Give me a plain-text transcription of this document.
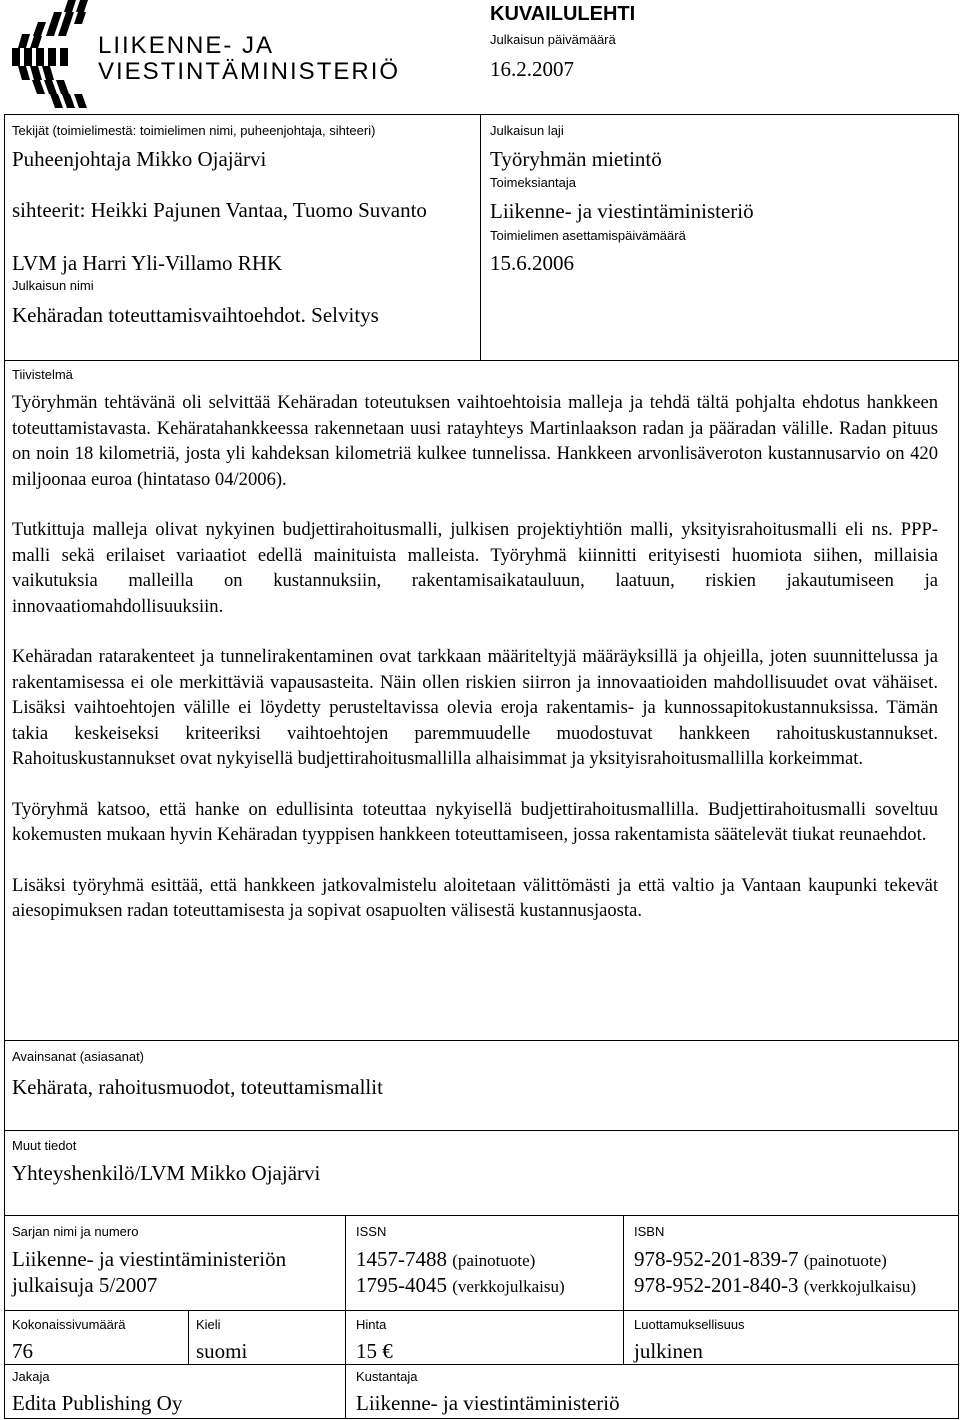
LIIKENNE- JA
VIESTINTÄMINISTERIÖ
KUVAILULEHTI
Julkaisun päivämäärä
16.2.2007
Tekijät (toimielimestä: toimielimen nimi, puheenjohtaja, sihteeri)
Puheenjohtaja Mikko Ojajärvi
sihteerit: Heikki Pajunen Vantaa, Tuomo Suvanto
LVM ja Harri Yli-Villamo RHK
Julkaisun nimi
Kehäradan toteuttamisvaihtoehdot. Selvitys
Julkaisun laji
Työryhmän mietintö
Toimeksiantaja
Liikenne- ja viestintäministeriö
Toimielimen asettamispäivämäärä
15.6.2006
Tiivistelmä

Työryhmän tehtävänä oli selvittää Kehäradan toteutuksen vaihtoehtoisia malleja ja tehdä tältä pohjalta ehdotus hankkeen toteuttamistavasta. Kehäratahankkeessa rakennetaan uusi ratayhteys Martinlaakson radan ja pääradan välille. Radan pituus on noin 18 kilometriä, josta yli kahdeksan kilometriä kulkee tunnelissa. Hankkeen arvonlisäveroton kustannusarvio on 420 miljoonaa euroa (hintataso 04/2006).

Tutkittuja malleja olivat nykyinen budjettirahoitusmalli, julkisen projektiyhtiön malli, yksityisrahoitusmalli eli ns. PPP-malli sekä erilaiset variaatiot edellä mainituista malleista. Työryhmä kiinnitti erityisesti huomiota siihen, millaisia vaikutuksia malleilla on kustannuksiin, rakentamisaikatauluun, laatuun, riskien jakautumiseen ja innovaatiomahdollisuuksiin.

Kehäradan ratarakenteet ja tunnelirakentaminen ovat tarkkaan määriteltyjä määräyksillä ja ohjeilla, joten suunnittelussa ja rakentamisessa ei ole merkittäviä vapausasteita. Näin ollen riskien siirron ja innovaatioiden mahdollisuudet ovat vähäiset. Lisäksi vaihtoehtojen välille ei löydetty perusteltavissa olevia eroja rakentamis- ja kunnossapitokustannuksissa. Tämän takia keskeiseksi kriteeriksi vaihtoehtojen paremmuudelle muodostuvat hankkeen rahoituskustannukset. Rahoituskustannukset ovat nykyisellä budjettirahoitusmallilla alhaisimmat ja yksityisrahoitusmallilla korkeimmat.

Työryhmä katsoo, että hanke on edullisinta toteuttaa nykyisellä budjettirahoitusmallilla. Budjettirahoitusmalli soveltuu kokemusten mukaan hyvin Kehäradan tyyppisen hankkeen toteuttamiseen, jossa rakentamista säätelevät tiukat reunaehdot.

Lisäksi työryhmä esittää, että hankkeen jatkovalmistelu aloitetaan välittömästi ja että valtio ja Vantaan kaupunki tekevät aiesopimuksen radan toteuttamisesta ja sopivat osapuolten välisestä kustannusjaosta.

Avainsanat (asiasanat)
Kehärata, rahoitusmuodot, toteuttamismallit
Muut tiedot
Yhteyshenkilö/LVM Mikko Ojajärvi
Sarjan nimi ja numero
Liikenne- ja viestintäministeriön
julkaisuja 5/2007
ISSN
1457-7488 (painotuote)
1795-4045 (verkkojulkaisu)
ISBN
978-952-201-839-7 (painotuote)
978-952-201-840-3 (verkkojulkaisu)
Kokonaissivumäärä
76
Kieli
suomi
Hinta
15 €
Luottamuksellisuus
julkinen
Jakaja
Edita Publishing Oy
Kustantaja
Liikenne- ja viestintäministeriö
